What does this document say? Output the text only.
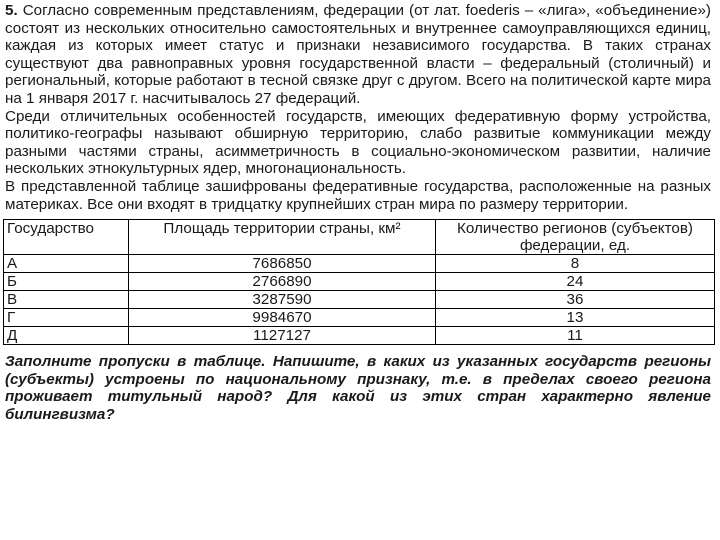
5. Согласно современным представлениям, федерации (от лат. foederis – «лига», «объединение») состоят из нескольких относительно самостоятельных и внутреннее самоуправляющихся единиц, каждая из которых имеет статус и признаки независимого государства. В таких странах существуют два равноправных уровня государственной власти – федеральный (столичный) и региональный, которые работают в тесной связке друг с другом. Всего на политической карте мира на 1 января 2017 г. насчитывалось 27 федераций.

Среди отличительных особенностей государств, имеющих федеративную форму устройства, политико-географы называют обширную территорию, слабо развитые коммуникации между разными частями страны, асимметричность в социально-экономическом развитии, наличие нескольких этнокультурных ядер, многонациональность.

В представленной таблице зашифрованы федеративные государства, расположенные на разных материках. Все они входят в тридцатку крупнейших стран мира по размеру территории.

Государство	Площадь территории страны, км²	Количество регионов (субъектов) федерации, ед.
А	7686850	8
Б	2766890	24
В	3287590	36
Г	9984670	13
Д	1127127	11

Заполните пропуски в таблице. Напишите, в каких из указанных государств регионы (субъекты) устроены по национальному признаку, т.е. в пределах своего региона проживает титульный народ? Для какой из этих стран характерно явление билингвизма?
